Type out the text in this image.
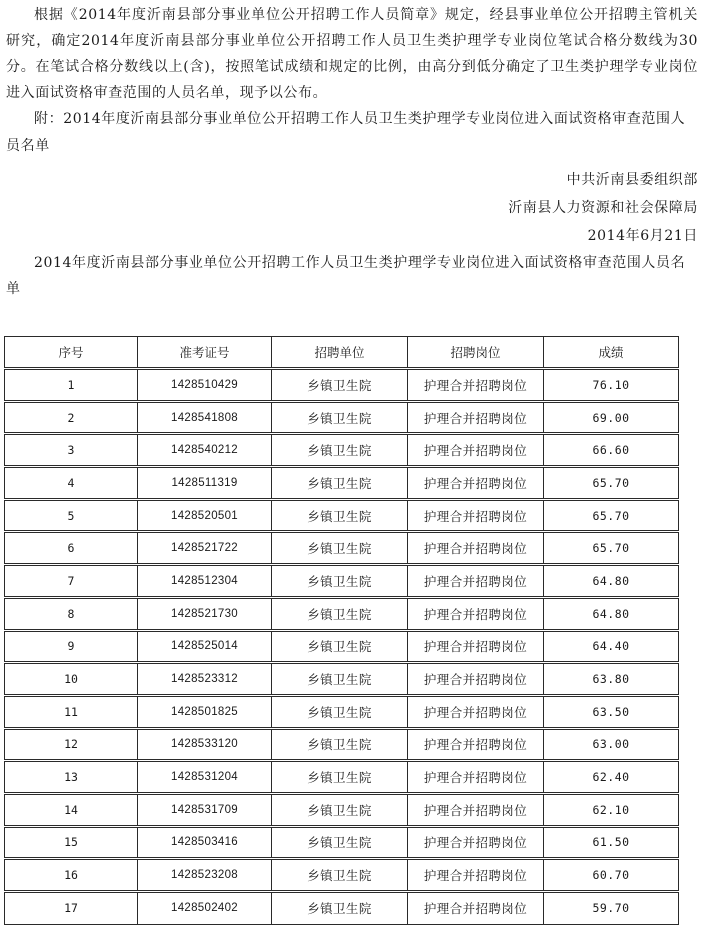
根据《2014年度沂南县部分事业单位公开招聘工作人员简章》规定，经县事业单位公开招聘主管机关研究，确定2014年度沂南县部分事业单位公开招聘工作人员卫生类护理学专业岗位笔试合格分数线为30分。在笔试合格分数线以上(含)，按照笔试成绩和规定的比例，由高分到低分确定了卫生类护理学专业岗位进入面试资格审查范围的人员名单，现予以公布。

附：2014年度沂南县部分事业单位公开招聘工作人员卫生类护理学专业岗位进入面试资格审查范围人员名单

中共沂南县委组织部

沂南县人力资源和社会保障局

2014年6月21日

2014年度沂南县部分事业单位公开招聘工作人员卫生类护理学专业岗位进入面试资格审查范围人员名单

序号	准考证号	招聘单位	招聘岗位	成绩
1	1428510429	乡镇卫生院	护理合并招聘岗位	76.10
2	1428541808	乡镇卫生院	护理合并招聘岗位	69.00
3	1428540212	乡镇卫生院	护理合并招聘岗位	66.60
4	1428511319	乡镇卫生院	护理合并招聘岗位	65.70
5	1428520501	乡镇卫生院	护理合并招聘岗位	65.70
6	1428521722	乡镇卫生院	护理合并招聘岗位	65.70
7	1428512304	乡镇卫生院	护理合并招聘岗位	64.80
8	1428521730	乡镇卫生院	护理合并招聘岗位	64.80
9	1428525014	乡镇卫生院	护理合并招聘岗位	64.40
10	1428523312	乡镇卫生院	护理合并招聘岗位	63.80
11	1428501825	乡镇卫生院	护理合并招聘岗位	63.50
12	1428533120	乡镇卫生院	护理合并招聘岗位	63.00
13	1428531204	乡镇卫生院	护理合并招聘岗位	62.40
14	1428531709	乡镇卫生院	护理合并招聘岗位	62.10
15	1428503416	乡镇卫生院	护理合并招聘岗位	61.50
16	1428523208	乡镇卫生院	护理合并招聘岗位	60.70
17	1428502402	乡镇卫生院	护理合并招聘岗位	59.70
